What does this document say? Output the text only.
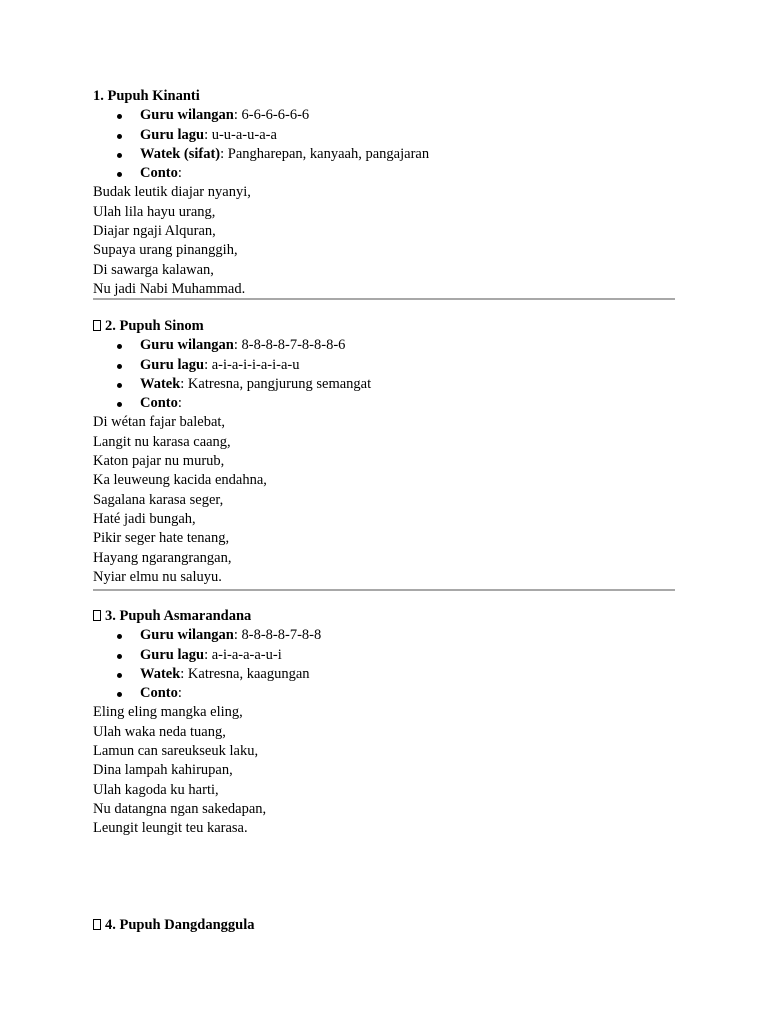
1. Pupuh Kinanti
Guru wilangan: 6-6-6-6-6-6
Guru lagu: u-u-a-u-a-a
Watek (sifat): Pangharepan, kanyaah, pangajaran
Conto:
Budak leutik diajar nyanyi,
Ulah lila hayu urang,
Diajar ngaji Alquran,
Supaya urang pinanggih,
Di sawarga kalawan,
Nu jadi Nabi Muhammad.
2. Pupuh Sinom
Guru wilangan: 8-8-8-8-7-8-8-8-6
Guru lagu: a-i-a-i-i-a-i-a-u
Watek: Katresna, pangjurung semangat
Conto:
Di wétan fajar balebat,
Langit nu karasa caang,
Katon pajar nu murub,
Ka leuweung kacida endahna,
Sagalana karasa seger,
Haté jadi bungah,
Pikir seger hate tenang,
Hayang ngarangrangan,
Nyiar elmu nu saluyu.
3. Pupuh Asmarandana
Guru wilangan: 8-8-8-8-7-8-8
Guru lagu: a-i-a-a-a-u-i
Watek: Katresna, kaagungan
Conto:
Eling eling mangka eling,
Ulah waka neda tuang,
Lamun can sareukseuk laku,
Dina lampah kahirupan,
Ulah kagoda ku harti,
Nu datangna ngan sakedapan,
Leungit leungit teu karasa.
4. Pupuh Dangdanggula
